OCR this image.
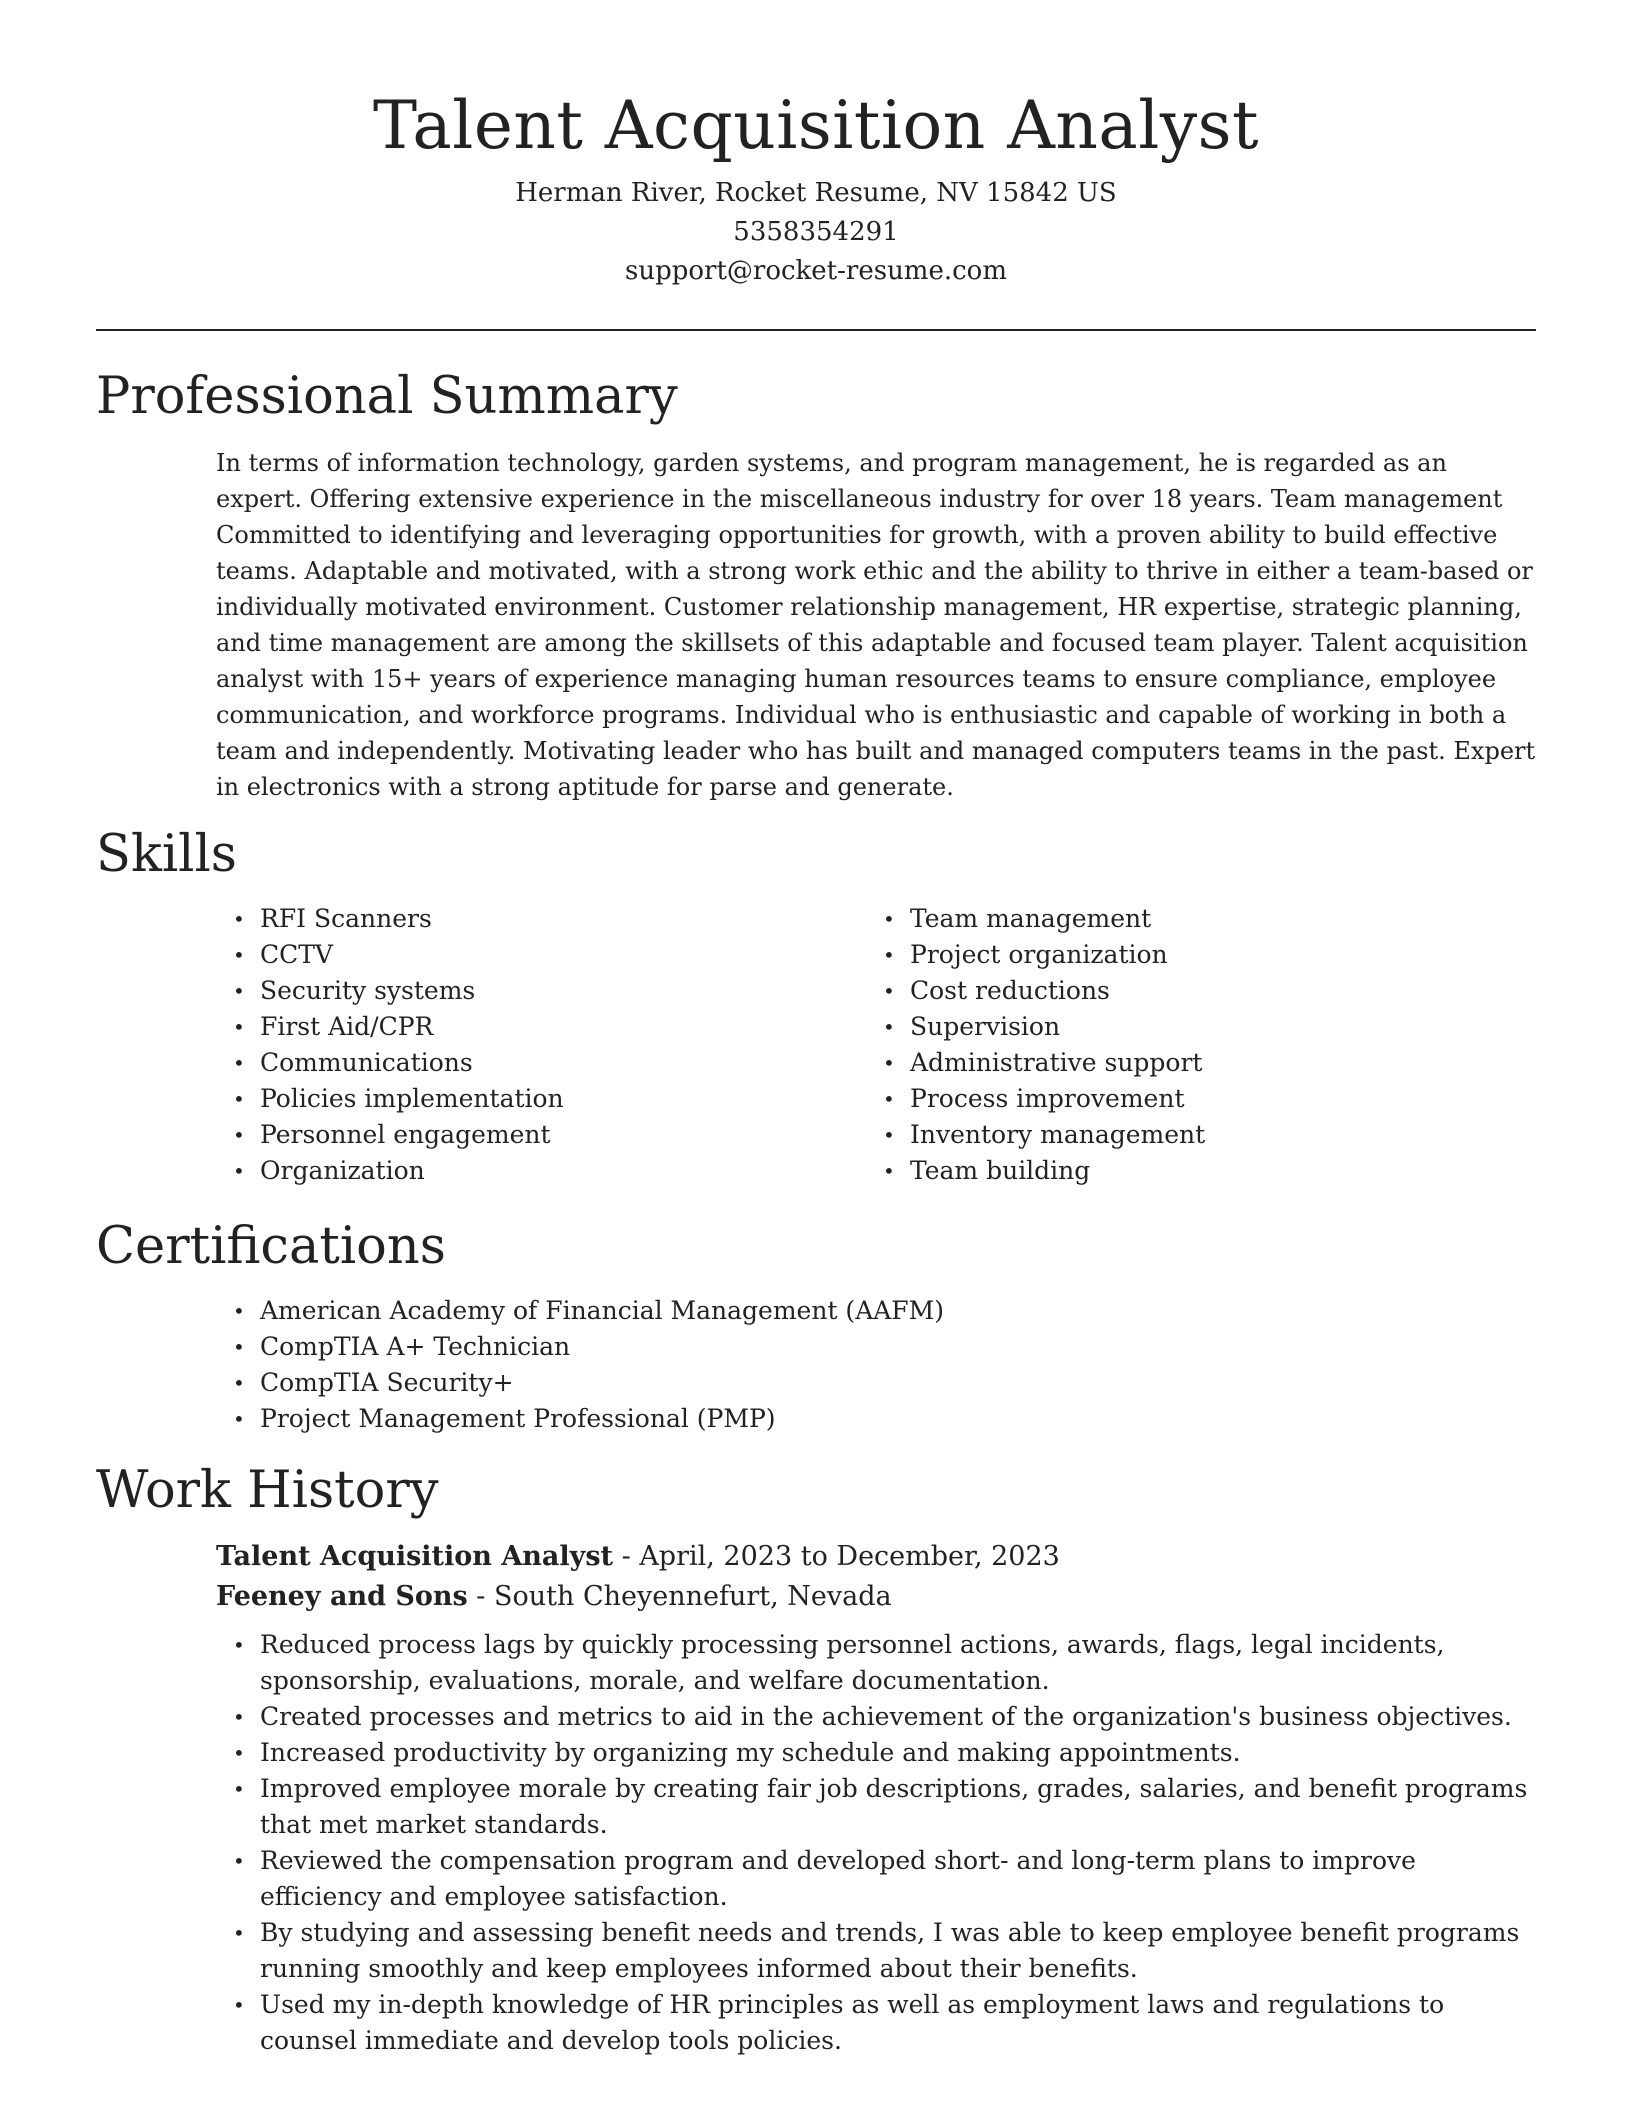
Talent Acquisition Analyst
Herman River, Rocket Resume, NV 15842 US
5358354291
support@rocket-resume.com
Professional Summary
In terms of information technology, garden systems, and program management, he is regarded as an expert. Offering extensive experience in the miscellaneous industry for over 18 years. Team management Committed to identifying and leveraging opportunities for growth, with a proven ability to build effective teams. Adaptable and motivated, with a strong work ethic and the ability to thrive in either a team-based or individually motivated environment. Customer relationship management, HR expertise, strategic planning, and time management are among the skillsets of this adaptable and focused team player. Talent acquisition analyst with 15+ years of experience managing human resources teams to ensure compliance, employee communication, and workforce programs. Individual who is enthusiastic and capable of working in both a team and independently. Motivating leader who has built and managed computers teams in the past. Expert in electronics with a strong aptitude for parse and generate.
Skills
• RFI Scanners
• CCTV
• Security systems
• First Aid/CPR
• Communications
• Policies implementation
• Personnel engagement
• Organization
• Team management
• Project organization
• Cost reductions
• Supervision
• Administrative support
• Process improvement
• Inventory management
• Team building
Certifications
• American Academy of Financial Management (AAFM)
• CompTIA A+ Technician
• CompTIA Security+
• Project Management Professional (PMP)
Work History
Talent Acquisition Analyst - April, 2023 to December, 2023
Feeney and Sons - South Cheyennefurt, Nevada
• Reduced process lags by quickly processing personnel actions, awards, flags, legal incidents, sponsorship, evaluations, morale, and welfare documentation.
• Created processes and metrics to aid in the achievement of the organization's business objectives.
• Increased productivity by organizing my schedule and making appointments.
• Improved employee morale by creating fair job descriptions, grades, salaries, and benefit programs that met market standards.
• Reviewed the compensation program and developed short- and long-term plans to improve efficiency and employee satisfaction.
• By studying and assessing benefit needs and trends, I was able to keep employee benefit programs running smoothly and keep employees informed about their benefits.
• Used my in-depth knowledge of HR principles as well as employment laws and regulations to counsel immediate and develop tools policies.
